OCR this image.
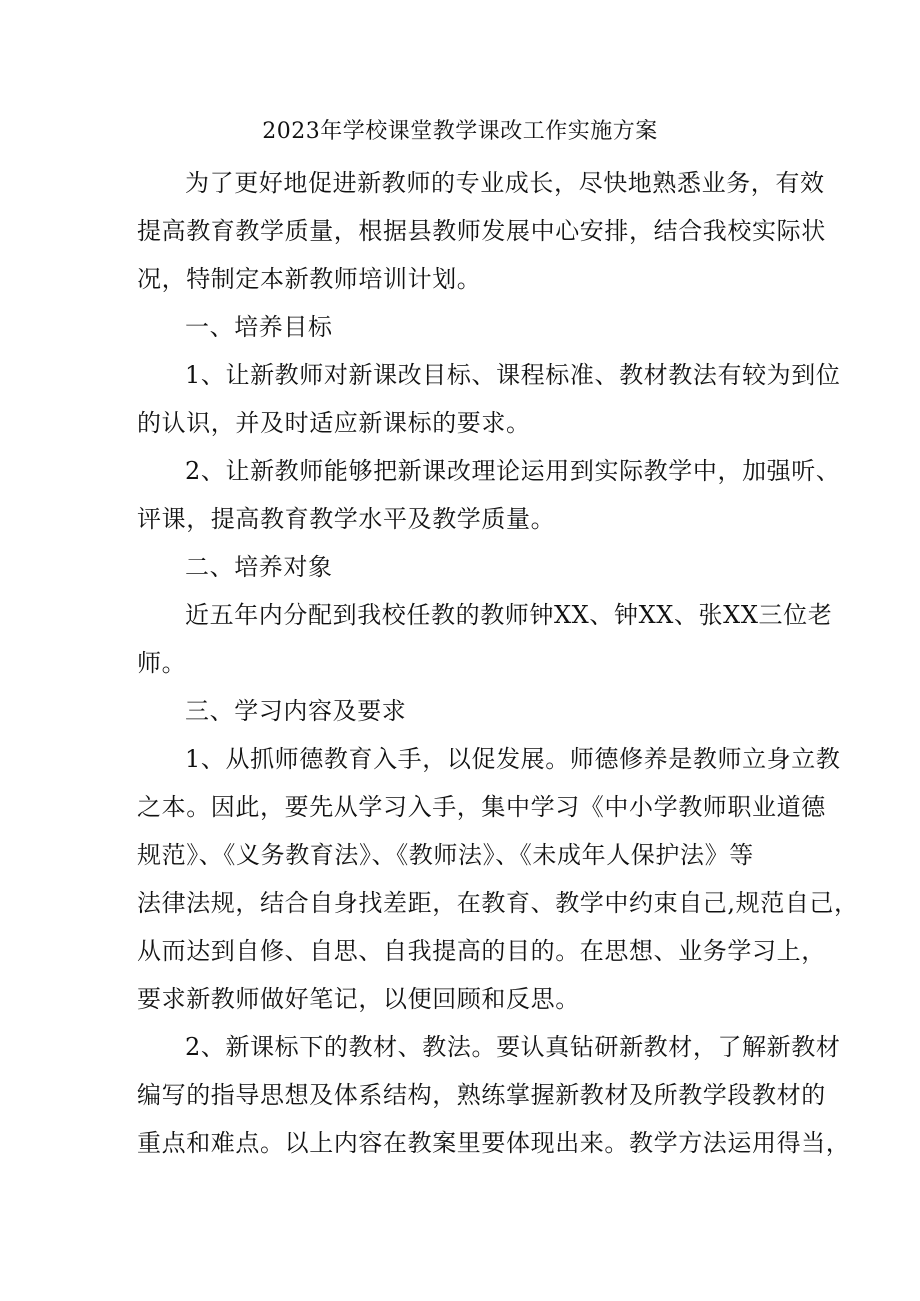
2023年学校课堂教学课改工作实施方案
为了更好地促进新教师的专业成长，尽快地熟悉业务，有效
提高教育教学质量，根据县教师发展中心安排，结合我校实际状
况，特制定本新教师培训计划。
一、培养目标
1、让新教师对新课改目标、课程标准、教材教法有较为到位
的认识，并及时适应新课标的要求。
2、让新教师能够把新课改理论运用到实际教学中，加强听、
评课，提高教育教学水平及教学质量。
二、培养对象
近五年内分配到我校任教的教师钟XX、钟XX、张XX三位老
师。
三、学习内容及要求
1、从抓师德教育入手，以促发展。师德修养是教师立身立教
之本。因此，要先从学习入手，集中学习《中小学教师职业道德
规范》、《义务教育法》、《教师法》、《未成年人保护法》等
法律法规，结合自身找差距，在教育、教学中约束自己,规范自己，
从而达到自修、自思、自我提高的目的。在思想、业务学习上，
要求新教师做好笔记，以便回顾和反思。
2、新课标下的教材、教法。要认真钻研新教材，了解新教材
编写的指导思想及体系结构，熟练掌握新教材及所教学段教材的
重点和难点。以上内容在教案里要体现出来。教学方法运用得当，
